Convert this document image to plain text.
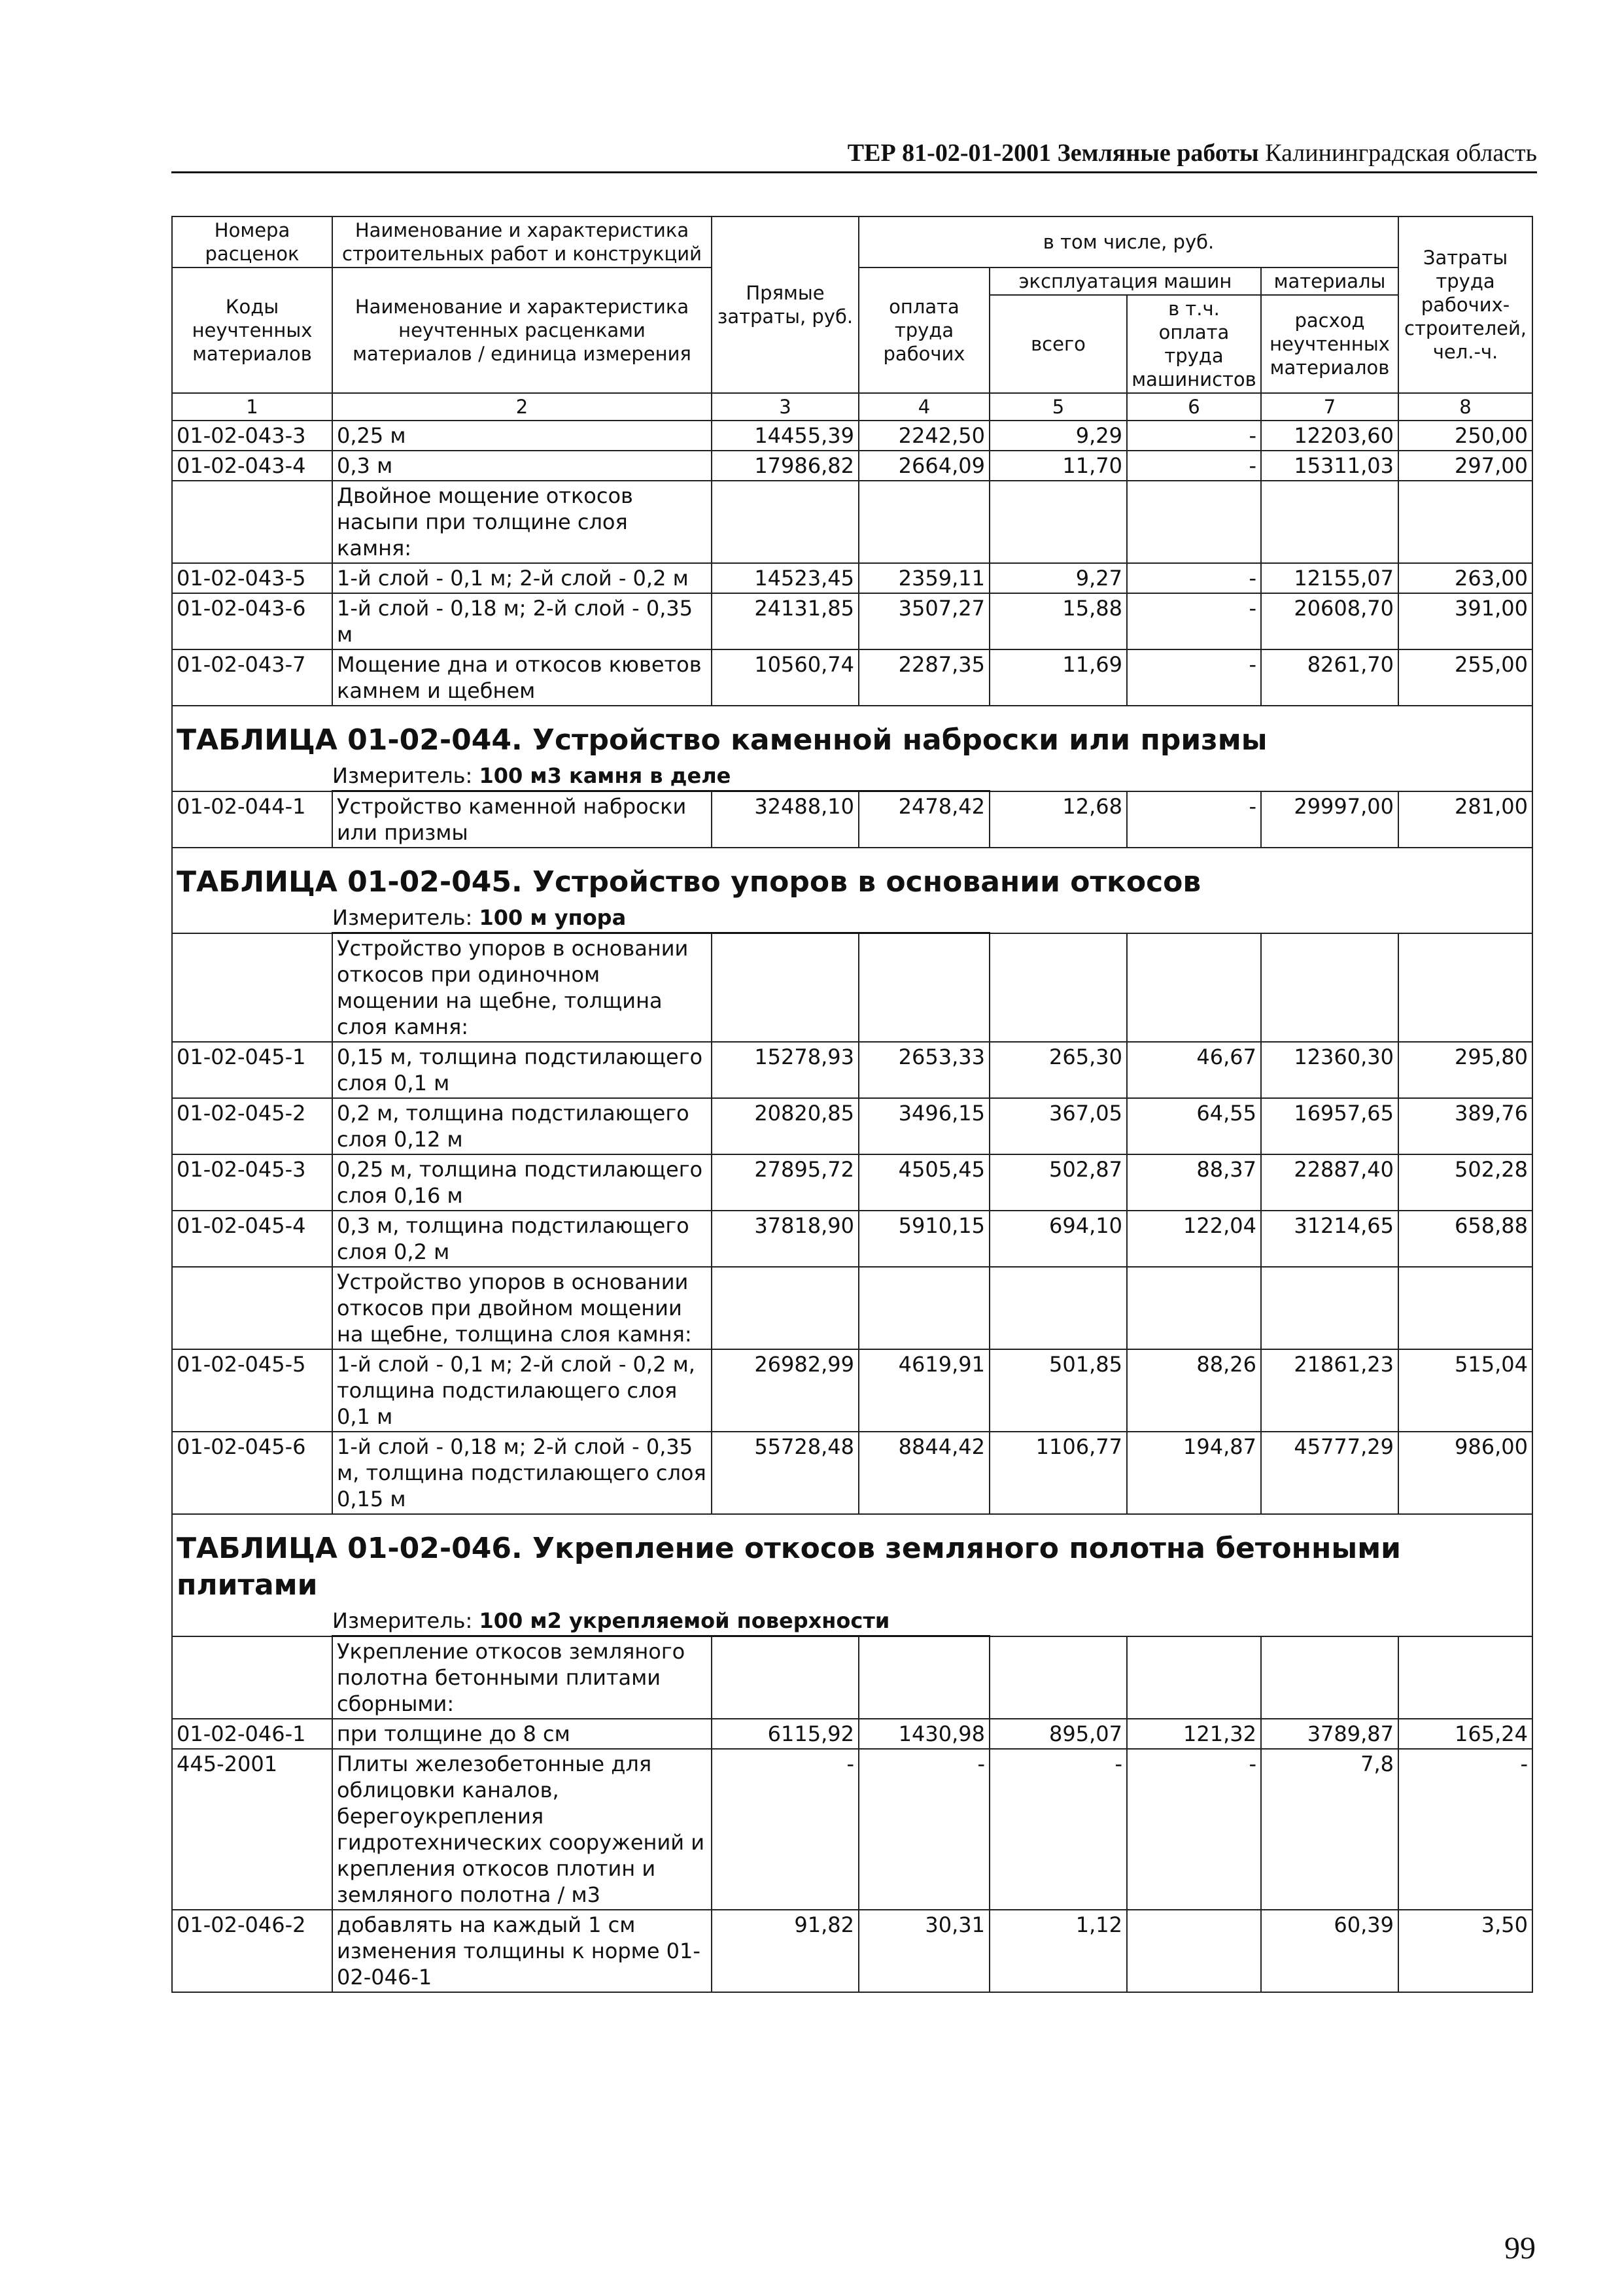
ТЕР 81-02-01-2001 Земляные работы Калининградская область
Номера расценок	Наименование и характеристика строительных работ и конструкций	Прямые затраты, руб.	в том числе, руб.				Затраты труда рабочих-строителей, чел.-ч.
Коды неучтенных материалов	Наименование и характеристика неучтенных расценками материалов / единица измерения		оплата труда рабочих	эксплуатация машин		материалы	
				всего	в т.ч. оплата труда машинистов	расход неучтенных материалов	
1	2	3	4	5	6	7	8
01-02-043-3	0,25 м	14455,39	2242,50	9,29	-	12203,60	250,00
01-02-043-4	0,3 м	17986,82	2664,09	11,70	-	15311,03	297,00
	Двойное мощение откосов насыпи при толщине слоя камня:						
01-02-043-5	1-й слой - 0,1 м; 2-й слой - 0,2 м	14523,45	2359,11	9,27	-	12155,07	263,00
01-02-043-6	1-й слой - 0,18 м; 2-й слой - 0,35 м	24131,85	3507,27	15,88	-	20608,70	391,00
01-02-043-7	Мощение дна и откосов кюветов камнем и щебнем	10560,74	2287,35	11,69	-	8261,70	255,00
ТАБЛИЦА 01-02-044. Устройство каменной наброски или призмы							
	Измеритель: 100 м3 камня в деле						
01-02-044-1	Устройство каменной наброски или призмы	32488,10	2478,42	12,68	-	29997,00	281,00
ТАБЛИЦА 01-02-045. Устройство упоров в основании откосов							
	Измеритель: 100 м упора						
	Устройство упоров в основании откосов при одиночном мощении на щебне, толщина слоя камня:						
01-02-045-1	0,15 м, толщина подстилающего слоя 0,1 м	15278,93	2653,33	265,30	46,67	12360,30	295,80
01-02-045-2	0,2 м, толщина подстилающего слоя 0,12 м	20820,85	3496,15	367,05	64,55	16957,65	389,76
01-02-045-3	0,25 м, толщина подстилающего слоя 0,16 м	27895,72	4505,45	502,87	88,37	22887,40	502,28
01-02-045-4	0,3 м, толщина подстилающего слоя 0,2 м	37818,90	5910,15	694,10	122,04	31214,65	658,88
	Устройство упоров в основании откосов при двойном мощении на щебне, толщина слоя камня:						
01-02-045-5	1-й слой - 0,1 м; 2-й слой - 0,2 м, толщина подстилающего слоя 0,1 м	26982,99	4619,91	501,85	88,26	21861,23	515,04
01-02-045-6	1-й слой - 0,18 м; 2-й слой - 0,35 м, толщина подстилающего слоя 0,15 м	55728,48	8844,42	1106,77	194,87	45777,29	986,00
ТАБЛИЦА 01-02-046. Укрепление откосов земляного полотна бетонными плитами							
	Измеритель: 100 м2 укрепляемой поверхности						
	Укрепление откосов земляного полотна бетонными плитами сборными:						
01-02-046-1	при толщине до 8 см	6115,92	1430,98	895,07	121,32	3789,87	165,24
445-2001	Плиты железобетонные для облицовки каналов, берегоукрепления гидротехнических сооружений и крепления откосов плотин и земляного полотна / м3	-	-	-	-	7,8	-
01-02-046-2	добавлять на каждый 1 см изменения толщины к норме 01-02-046-1	91,82	30,31	1,12		60,39	3,50
99
